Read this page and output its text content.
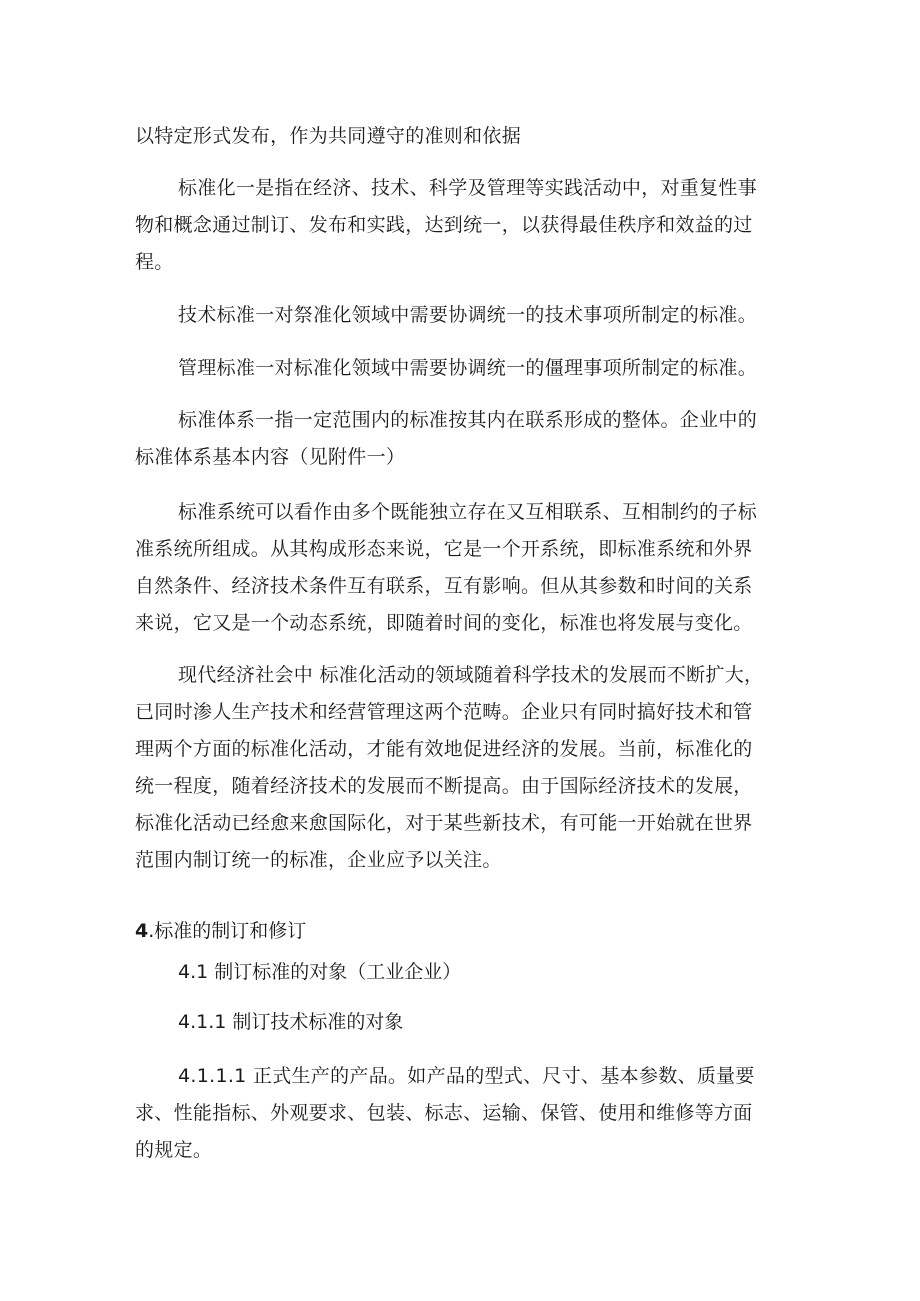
以特定形式发布，作为共同遵守的准则和依据

标准化一是指在经济、技术、科学及管理等实践活动中，对重复性事
物和概念通过制订、发布和实践，达到统一，以获得最佳秩序和效益的过
程。

技术标准一对祭准化领域中需要协调统一的技术事项所制定的标准。

管理标准一对标准化领域中需要协调统一的僵理事项所制定的标准。

标准体系一指一定范围内的标准按其内在联系形成的整体。企业中的
标准体系基本内容（见附件一）

标准系统可以看作由多个既能独立存在又互相联系、互相制约的子标
准系统所组成。从其构成形态来说，它是一个开系统，即标准系统和外界
自然条件、经济技术条件互有联系，互有影响。但从其参数和时间的关系
来说，它又是一个动态系统，即随着时间的变化，标准也将发展与变化。

现代经济社会中 标准化活动的领域随着科学技术的发展而不断扩大，
已同时渗人生产技术和经营管理这两个范畴。企业只有同时搞好技术和管
理两个方面的标准化活动，才能有效地促进经济的发展。当前，标准化的
统一程度，随着经济技术的发展而不断提高。由于国际经济技术的发展，
标准化活动已经愈来愈国际化，对于某些新技术，有可能一开始就在世界
范围内制订统一的标准，企业应予以关注。

4.标准的制订和修订
4.1 制订标准的对象（工业企业）
4.1.1 制订技术标准的对象

4.1.1.1 正式生产的产品。如产品的型式、尺寸、基本参数、质量要
求、性能指标、外观要求、包装、标志、运输、保管、使用和维修等方面
的规定。
